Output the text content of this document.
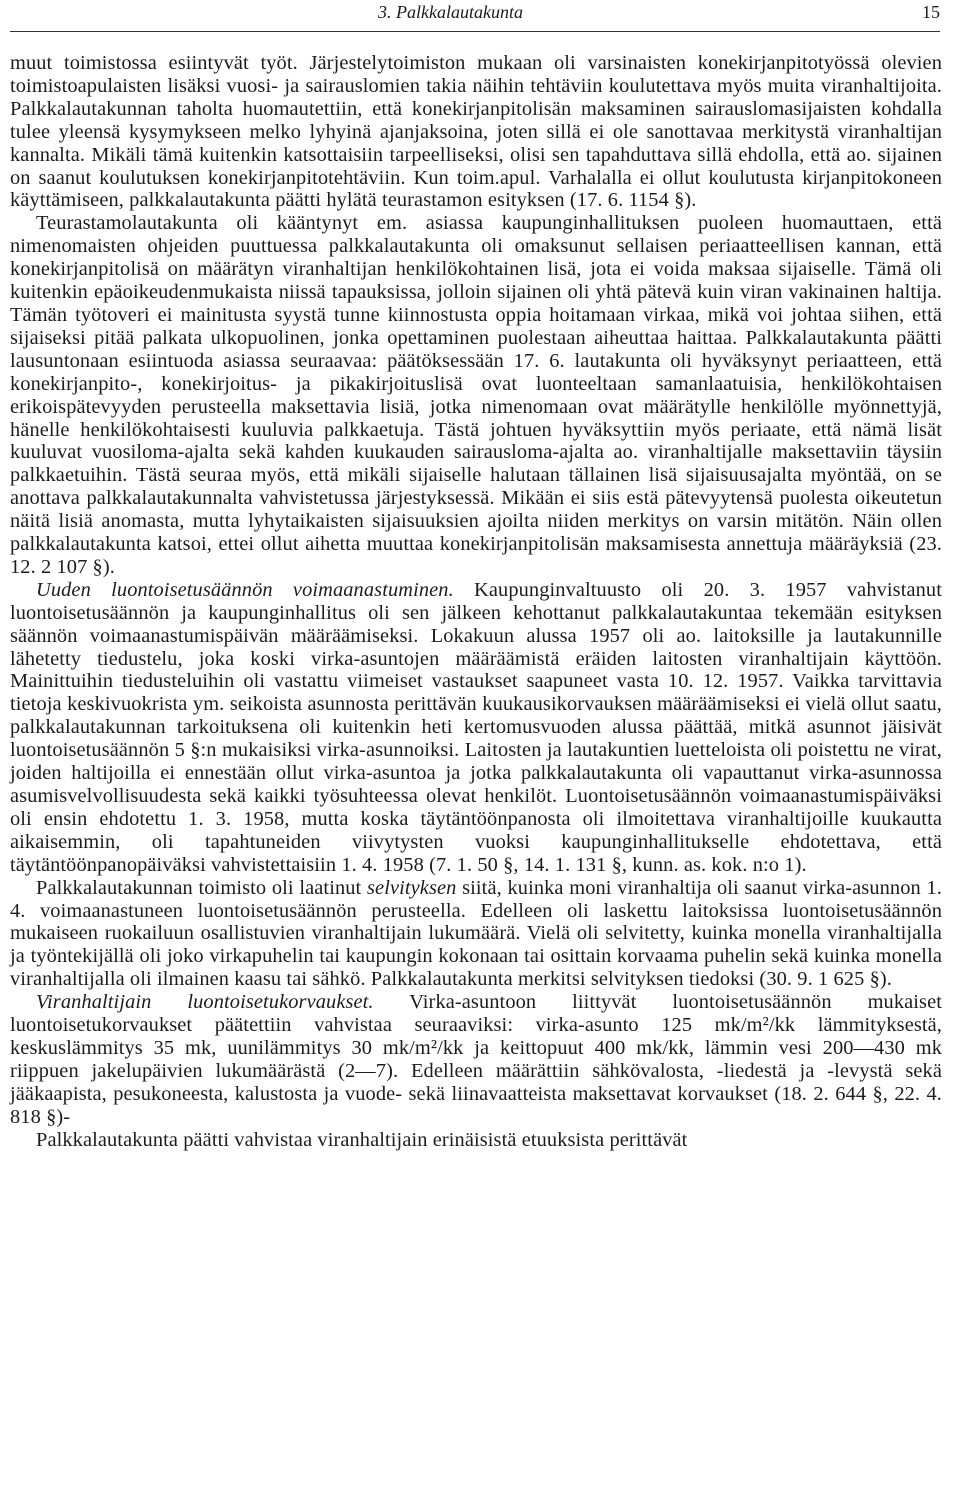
3. Palkkalautakunta	15

muut toimistossa esiintyvät työt. Järjestelytoimiston mukaan oli varsinaisten konekirjanpitotyössä olevien toimistoapulaisten lisäksi vuosi- ja sairauslomien takia näihin tehtäviin koulutettava myös muita viranhaltijoita. Palkkalautakunnan taholta huomautettiin, että konekirjanpitolisän maksaminen sairauslomasijaisten kohdalla tulee yleensä kysymykseen melko lyhyinä ajanjaksoina, joten sillä ei ole sanottavaa merkitystä viranhaltijan kannalta. Mikäli tämä kuitenkin katsottaisiin tarpeelliseksi, olisi sen tapahduttava sillä ehdolla, että ao. sijainen on saanut koulutuksen konekirjanpitotehtäviin. Kun toim.apul. Varhalalla ei ollut koulutusta kirjanpitokoneen käyttämiseen, palkkalautakunta päätti hylätä teurastamon esityksen (17. 6. 1154 §).

Teurastamolautakunta oli kääntynyt em. asiassa kaupunginhallituksen puoleen huomauttaen, että nimenomaisten ohjeiden puuttuessa palkkalautakunta oli omaksunut sellaisen periaatteellisen kannan, että konekirjanpitolisä on määrätyn viranhaltijan henkilökohtainen lisä, jota ei voida maksaa sijaiselle. Tämä oli kuitenkin epäoikeudenmukaista niissä tapauksissa, jolloin sijainen oli yhtä pätevä kuin viran vakinainen haltija. Tämän työtoveri ei mainitusta syystä tunne kiinnostusta oppia hoitamaan virkaa, mikä voi johtaa siihen, että sijaiseksi pitää palkata ulkopuolinen, jonka opettaminen puolestaan aiheuttaa haittaa. Palkkalautakunta päätti lausuntonaan esiintuoda asiassa seuraavaa: päätöksessään 17. 6. lautakunta oli hyväksynyt periaatteen, että konekirjanpito-, konekirjoitus- ja pikakirjoituslisä ovat luonteeltaan samanlaatuisia, henkilökohtaisen erikoispätevyyden perusteella maksettavia lisiä, jotka nimenomaan ovat määrätylle henkilölle myönnettyjä, hänelle henkilökohtaisesti kuuluvia palkkaetuja. Tästä johtuen hyväksyttiin myös periaate, että nämä lisät kuuluvat vuosiloma-ajalta sekä kahden kuukauden sairausloma-ajalta ao. viranhaltijalle maksettaviin täysiin palkkaetuihin. Tästä seuraa myös, että mikäli sijaiselle halutaan tällainen lisä sijaisuusajalta myöntää, on se anottava palkkalautakunnalta vahvistetussa järjestyksessä. Mikään ei siis estä pätevyytensä puolesta oikeutetun näitä lisiä anomasta, mutta lyhytaikaisten sijaisuuksien ajoilta niiden merkitys on varsin mitätön. Näin ollen palkkalautakunta katsoi, ettei ollut aihetta muuttaa konekirjanpitolisän maksamisesta annettuja määräyksiä (23. 12. 2 107 §).

Uuden luontoisetusäännön voimaanastuminen. Kaupunginvaltuusto oli 20. 3. 1957 vahvistanut luontoisetusäännön ja kaupunginhallitus oli sen jälkeen kehottanut palkkalautakuntaa tekemään esityksen säännön voimaanastumispäivän määräämiseksi. Lokakuun alussa 1957 oli ao. laitoksille ja lautakunnille lähetetty tiedustelu, joka koski virka-asuntojen määräämistä eräiden laitosten viranhaltijain käyttöön. Mainittuihin tiedusteluihin oli vastattu viimeiset vastaukset saapuneet vasta 10. 12. 1957. Vaikka tarvittavia tietoja keskivuokrista ym. seikoista asunnosta perittävän kuukausikorvauksen määräämiseksi ei vielä ollut saatu, palkkalautakunnan tarkoituksena oli kuitenkin heti kertomusvuoden alussa päättää, mitkä asunnot jäisivät luontoisetusäännön 5 §:n mukaisiksi virka-asunnoiksi. Laitosten ja lautakuntien luetteloista oli poistettu ne virat, joiden haltijoilla ei ennestään ollut virka-asuntoa ja jotka palkkalautakunta oli vapauttanut virka-asunnossa asumisvelvollisuudesta sekä kaikki työsuhteessa olevat henkilöt. Luontoisetusäännön voimaanastumispäiväksi oli ensin ehdotettu 1. 3. 1958, mutta koska täytäntöönpanosta oli ilmoitettava viranhaltijoille kuukautta aikaisemmin, oli tapahtuneiden viivytysten vuoksi kaupunginhallitukselle ehdotettava, että täytäntöönpanopäiväksi vahvistettaisiin 1. 4. 1958 (7. 1. 50 §, 14. 1. 131 §, kunn. as. kok. n:o 1).

Palkkalautakunnan toimisto oli laatinut selvityksen siitä, kuinka moni viranhaltija oli saanut virka-asunnon 1. 4. voimaanastuneen luontoisetusäännön perusteella. Edelleen oli laskettu laitoksissa luontoisetusäännön mukaiseen ruokailuun osallistuvien viranhaltijain lukumäärä. Vielä oli selvitetty, kuinka monella viranhaltijalla ja työntekijällä oli joko virkapuhelin tai kaupungin kokonaan tai osittain korvaama puhelin sekä kuinka monella viranhaltijalla oli ilmainen kaasu tai sähkö. Palkkalautakunta merkitsi selvityksen tiedoksi (30. 9. 1 625 §).

Viranhaltijain luontoisetukorvaukset. Virka-asuntoon liittyvät luontoisetusäännön mukaiset luontoisetukorvaukset päätettiin vahvistaa seuraaviksi: virka-asunto 125 mk/m²/kk lämmityksestä, keskuslämmitys 35 mk, uunilämmitys 30 mk/m²/kk ja keittopuut 400 mk/kk, lämmin vesi 200—430 mk riippuen jakelupäivien lukumäärästä (2—7). Edelleen määrättiin sähkövalosta, -liedestä ja -levystä sekä jääkaapista, pesukoneesta, kalustosta ja vuode- sekä liinavaatteista maksettavat korvaukset (18. 2. 644 §, 22. 4. 818 §)-

Palkkalautakunta päätti vahvistaa viranhaltijain erinäisistä etuuksista perittävät
